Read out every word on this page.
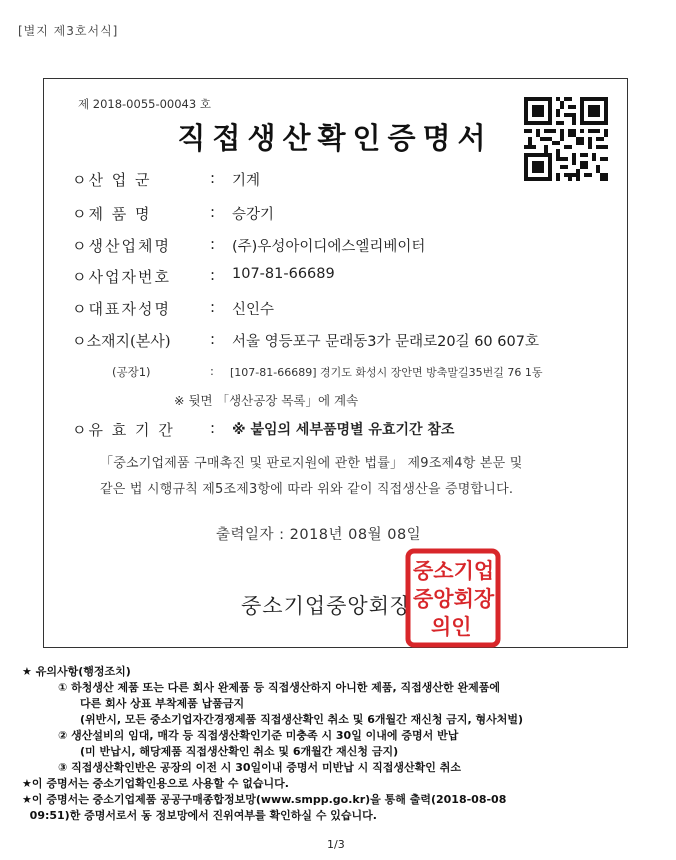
[별지 제3호서식]
제 2018-0055-00043 호
직접생산확인증명서
ㅇ산 업 군	: 기계
ㅇ제 품 명	: 승강기
ㅇ생산업체명	: (주)우성아이디에스엘리베이터
ㅇ사업자번호	: 107-81-66689
ㅇ대표자성명	: 신인수
ㅇ소재지(본사)	: 서울 영등포구 문래동3가 문래로20길 60 607호
(공장1)	: [107-81-66689] 경기도 화성시 장안면 방축말길35번길 76 1동
※ 뒷면 「생산공장 목록」에 계속
ㅇ유 효 기 간 : ※ 붙임의 세부품명별 유효기간 참조
「중소기업제품 구매촉진 및 판로지원에 관한 법률」 제9조제4항 본문 및
같은 법 시행규칙 제5조제3항에 따라 위와 같이 직접생산을 증명합니다.
출력일자 : 2018년 08월 08일
중소기업중앙회장
중소기업
중앙회장
의인
★ 유의사항(행정조치)
① 하청생산 제품 또는 다른 회사 완제품 등 직접생산하지 아니한 제품, 직접생산한 완제품에
다른 회사 상표 부착제품 납품금지
(위반시, 모든 중소기업자간경쟁제품 직접생산확인 취소 및 6개월간 재신청 금지, 형사처벌)
② 생산설비의 임대, 매각 등 직접생산확인기준 미충족 시 30일 이내에 증명서 반납
(미 반납시, 해당제품 직접생산확인 취소 및 6개월간 재신청 금지)
③ 직접생산확인반은 공장의 이전 시 30일이내 증명서 미반납 시 직접생산확인 취소
★이 증명서는 중소기업확인용으로 사용할 수 없습니다.
★이 증명서는 중소기업제품 공공구매종합정보망(www.smpp.go.kr)을 통해 출력(2018-08-08
09:51)한 증명서로서 동 정보망에서 진위여부를 확인하실 수 있습니다.
1/3
